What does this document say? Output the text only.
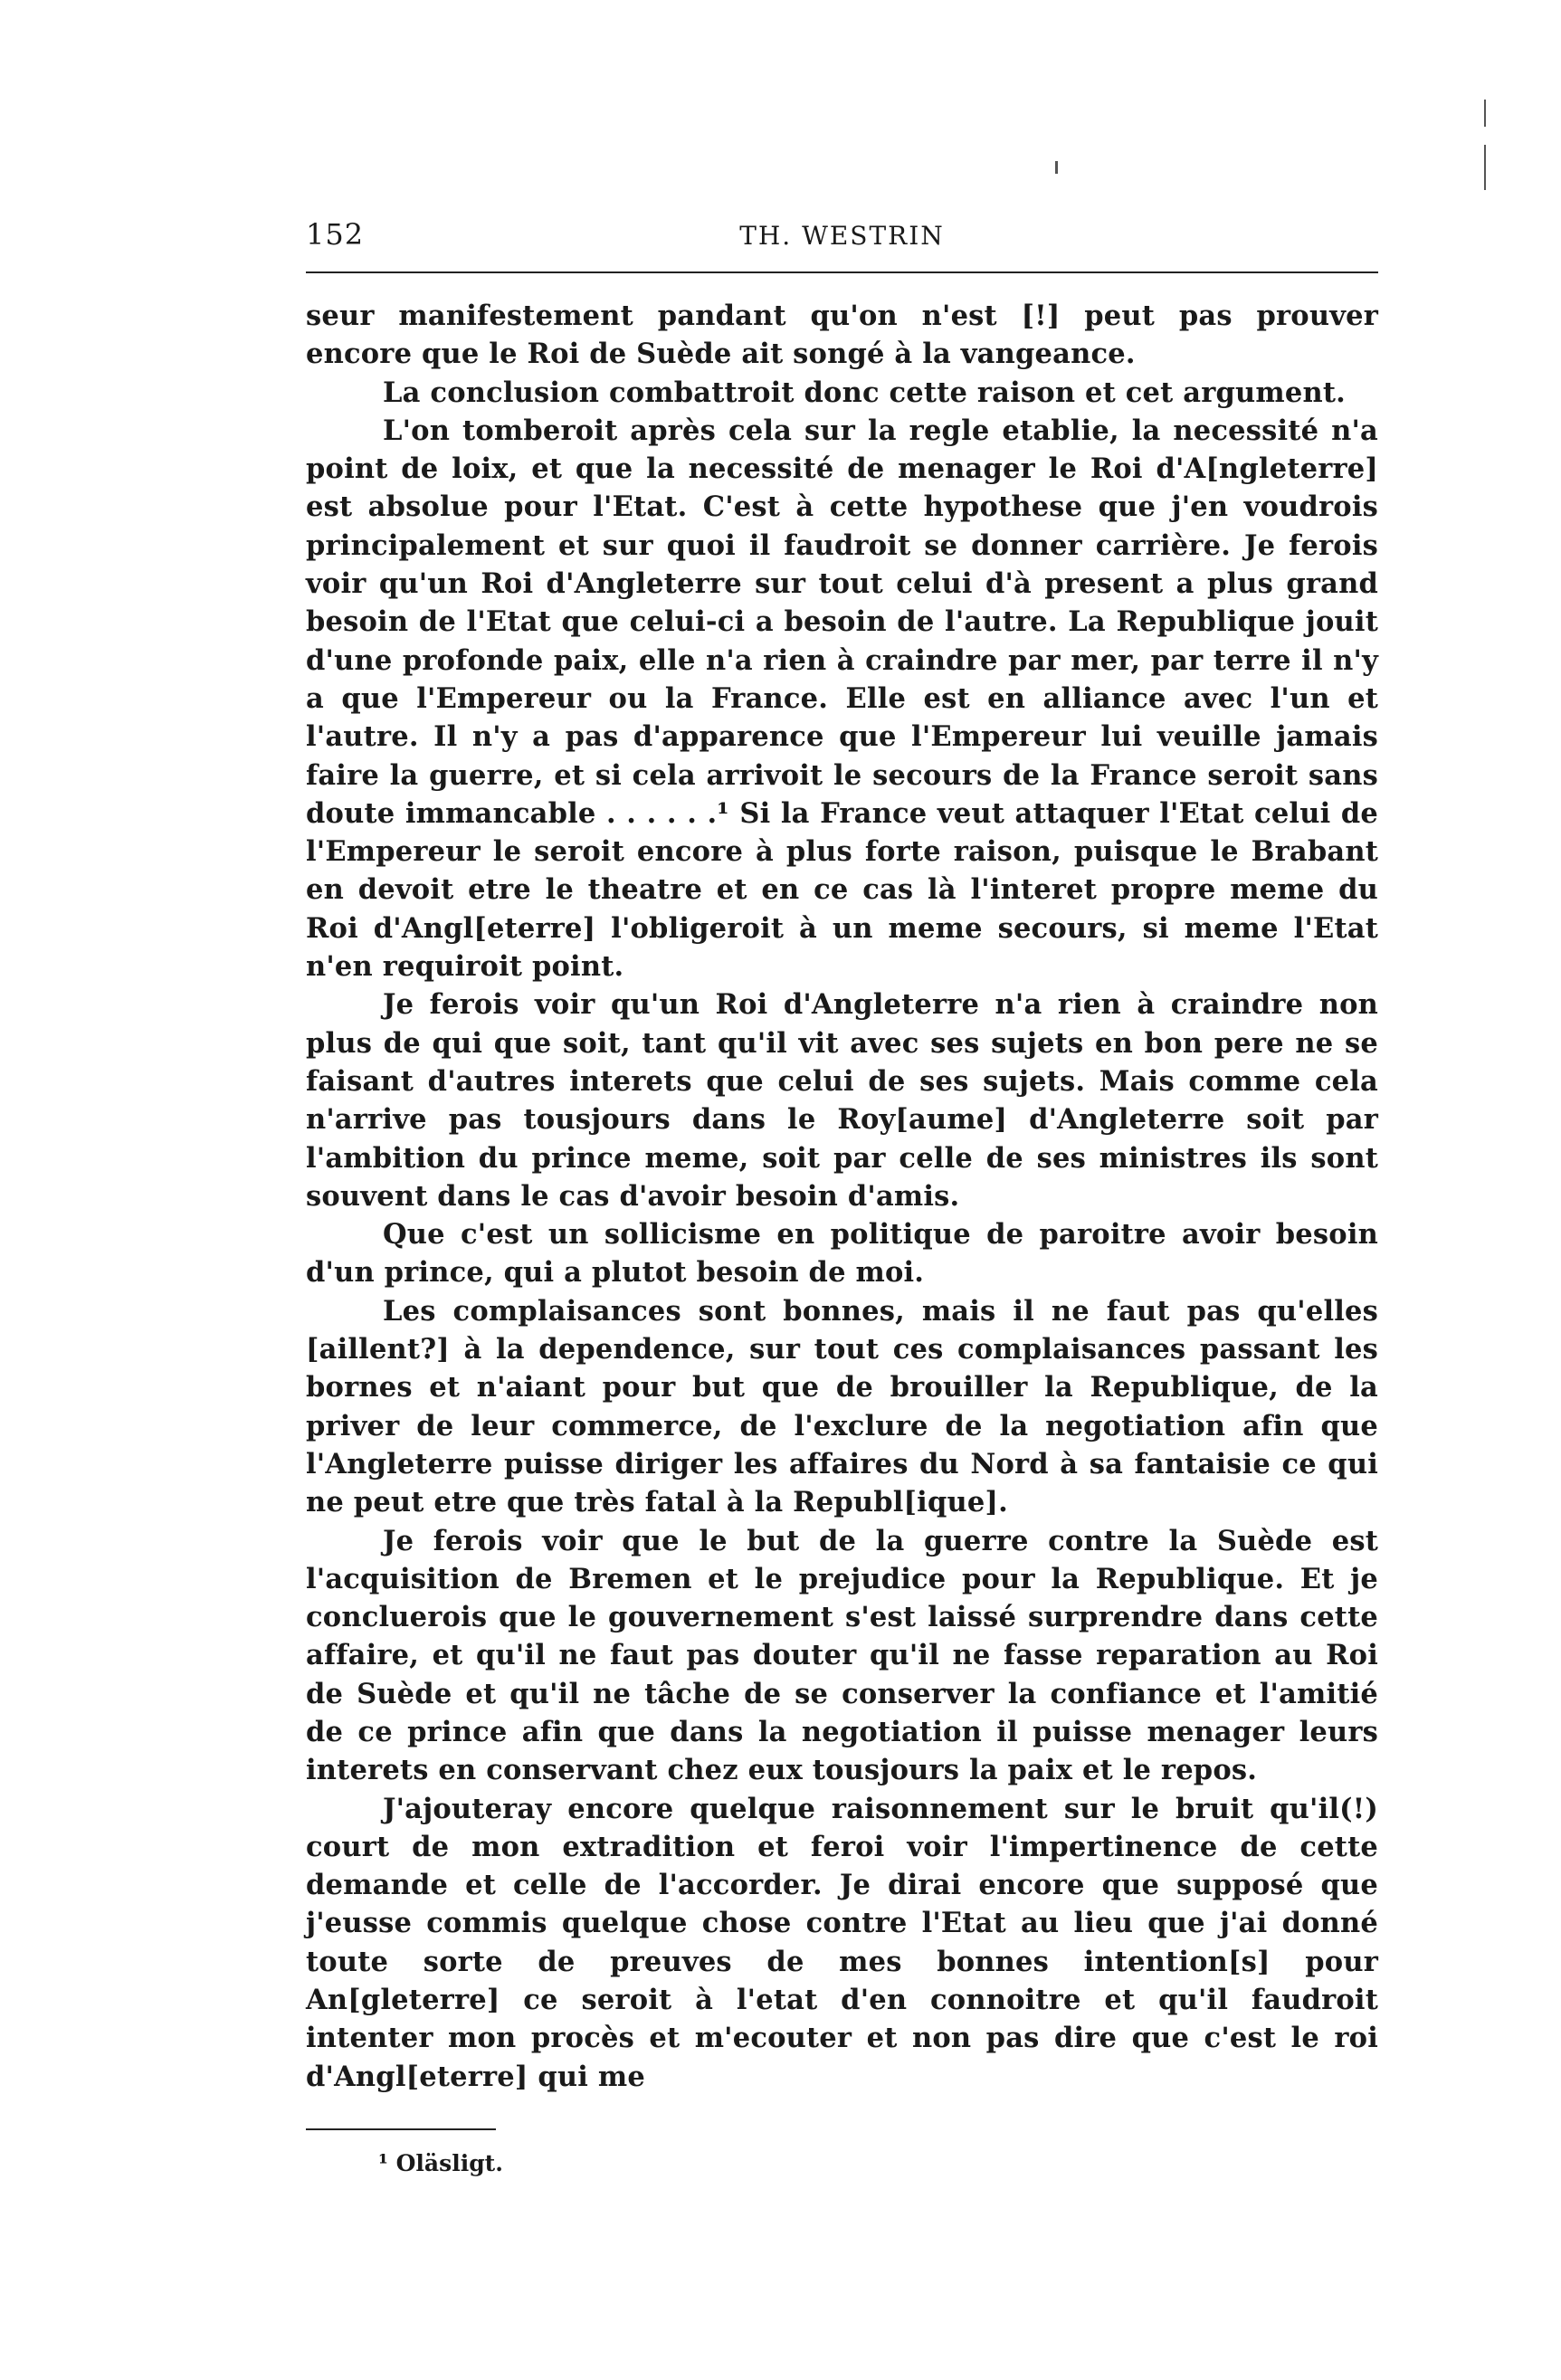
152	TH. WESTRIN

seur manifestement pandant qu'on n'est [!] peut pas prouver encore que le Roi de Suède ait songé à la vangeance.

La conclusion combattroit donc cette raison et cet argument.

L'on tomberoit après cela sur la regle etablie, la necessité n'a point de loix, et que la necessité de menager le Roi d'A[ngleterre] est absolue pour l'Etat. C'est à cette hypothese que j'en voudrois principalement et sur quoi il faudroit se donner carrière. Je ferois voir qu'un Roi d'Angleterre sur tout celui d'à present a plus grand besoin de l'Etat que celui-ci a besoin de l'autre. La Republique jouit d'une profonde paix, elle n'a rien à craindre par mer, par terre il n'y a que l'Empereur ou la France. Elle est en alliance avec l'un et l'autre. Il n'y a pas d'apparence que l'Empereur lui veuille jamais faire la guerre, et si cela arrivoit le secours de la France seroit sans doute immancable . . . . . .¹ Si la France veut attaquer l'Etat celui de l'Empereur le seroit encore à plus forte raison, puisque le Brabant en devoit etre le theatre et en ce cas là l'interet propre meme du Roi d'Angl[eterre] l'obligeroit à un meme secours, si meme l'Etat n'en requiroit point.

Je ferois voir qu'un Roi d'Angleterre n'a rien à craindre non plus de qui que soit, tant qu'il vit avec ses sujets en bon pere ne se faisant d'autres interets que celui de ses sujets. Mais comme cela n'arrive pas tousjours dans le Roy[aume] d'Angleterre soit par l'ambition du prince meme, soit par celle de ses ministres ils sont souvent dans le cas d'avoir besoin d'amis.

Que c'est un sollicisme en politique de paroitre avoir besoin d'un prince, qui a plutot besoin de moi.

Les complaisances sont bonnes, mais il ne faut pas qu'elles [aillent?] à la dependence, sur tout ces complaisances passant les bornes et n'aiant pour but que de brouiller la Republique, de la priver de leur commerce, de l'exclure de la negotiation afin que l'Angleterre puisse diriger les affaires du Nord à sa fantaisie ce qui ne peut etre que très fatal à la Republ[ique].

Je ferois voir que le but de la guerre contre la Suède est l'acquisition de Bremen et le prejudice pour la Republique. Et je concluerois que le gouvernement s'est laissé surprendre dans cette affaire, et qu'il ne faut pas douter qu'il ne fasse reparation au Roi de Suède et qu'il ne tâche de se conserver la confiance et l'amitié de ce prince afin que dans la negotiation il puisse menager leurs interets en conservant chez eux tousjours la paix et le repos.

J'ajouteray encore quelque raisonnement sur le bruit qu'il(!) court de mon extradition et feroi voir l'impertinence de cette demande et celle de l'accorder. Je dirai encore que supposé que j'eusse commis quelque chose contre l'Etat au lieu que j'ai donné toute sorte de preuves de mes bonnes intention[s] pour An[gleterre] ce seroit à l'etat d'en connoitre et qu'il faudroit intenter mon procès et m'ecouter et non pas dire que c'est le roi d'Angl[eterre] qui me

¹ Oläsligt.
